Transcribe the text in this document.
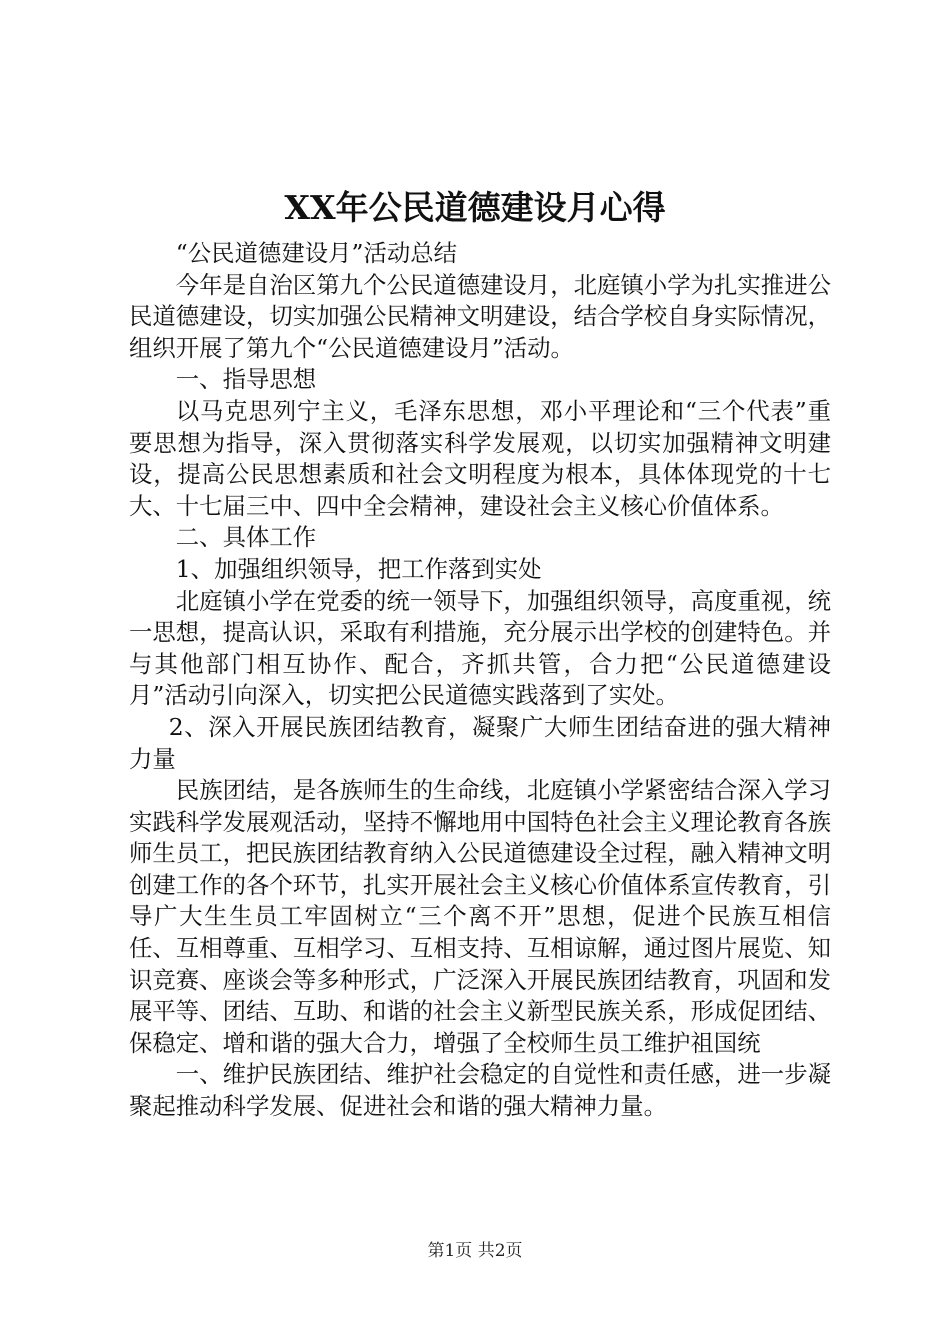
XX年公民道德建设月心得

“公民道德建设月”活动总结

今年是自治区第九个公民道德建设月，北庭镇小学为扎实推进公民道德建设，切实加强公民精神文明建设，结合学校自身实际情况，组织开展了第九个“公民道德建设月”活动。

一、指导思想

以马克思列宁主义，毛泽东思想，邓小平理论和“三个代表”重要思想为指导，深入贯彻落实科学发展观，以切实加强精神文明建设，提高公民思想素质和社会文明程度为根本，具体体现党的十七大、十七届三中、四中全会精神，建设社会主义核心价值体系。

二、具体工作

1、加强组织领导，把工作落到实处

北庭镇小学在党委的统一领导下，加强组织领导，高度重视，统一思想，提高认识，采取有利措施，充分展示出学校的创建特色。并与其他部门相互协作、配合，齐抓共管，合力把“公民道德建设月”活动引向深入，切实把公民道德实践落到了实处。

2、深入开展民族团结教育，凝聚广大师生团结奋进的强大精神力量

民族团结，是各族师生的生命线，北庭镇小学紧密结合深入学习实践科学发展观活动，坚持不懈地用中国特色社会主义理论教育各族师生员工，把民族团结教育纳入公民道德建设全过程，融入精神文明创建工作的各个环节，扎实开展社会主义核心价值体系宣传教育，引导广大生生员工牢固树立“三个离不开”思想，促进个民族互相信任、互相尊重、互相学习、互相支持、互相谅解，通过图片展览、知识竞赛、座谈会等多种形式，广泛深入开展民族团结教育，巩固和发展平等、团结、互助、和谐的社会主义新型民族关系，形成促团结、保稳定、增和谐的强大合力，增强了全校师生员工维护祖国统

一、维护民族团结、维护社会稳定的自觉性和责任感，进一步凝聚起推动科学发展、促进社会和谐的强大精神力量。

第1页 共2页
